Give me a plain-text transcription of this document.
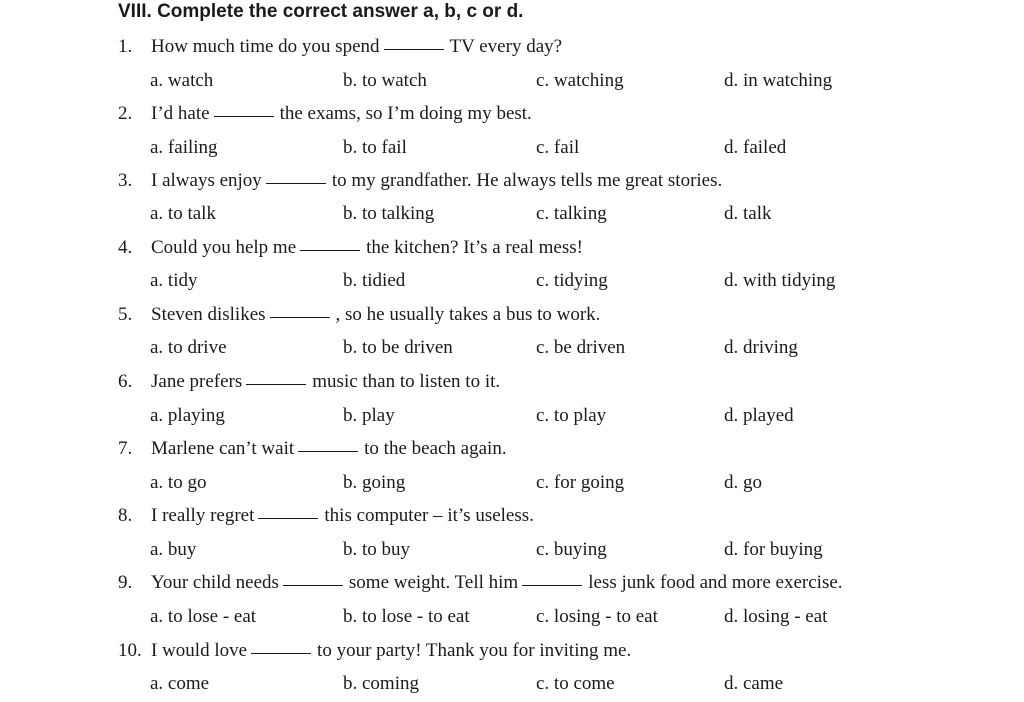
VIII. Complete the correct answer a, b, c or d.
1. How much time do you spend	TV every day?
a. watch	b. to watch	c. watching	d. in watching
2. I’d hate	the exams, so I’m doing my best.
a. failing	b. to fail	c. fail	d. failed
3. I always enjoy	to my grandfather. He always tells me great stories.
a. to talk	b. to talking	c. talking	d. talk
4. Could you help me	the kitchen? It’s a real mess!
a. tidy	b. tidied	c. tidying	d. with tidying
5. Steven dislikes	, so he usually takes a bus to work.
a. to drive	b. to be driven	c. be driven	d. driving
6. Jane prefers	music than to listen to it.
a. playing	b. play	c. to play	d. played
7. Marlene can’t wait	to the beach again.
a. to go	b. going	c. for going	d. go
8. I really regret	this computer – it’s useless.
a. buy	b. to buy	c. buying	d. for buying
9. Your child needs	some weight. Tell him	less junk food and more exercise.
a. to lose - eat	b. to lose - to eat	c. losing - to eat	d. losing - eat
10. I would love	to your party! Thank you for inviting me.
a. come	b. coming	c. to come	d. came
